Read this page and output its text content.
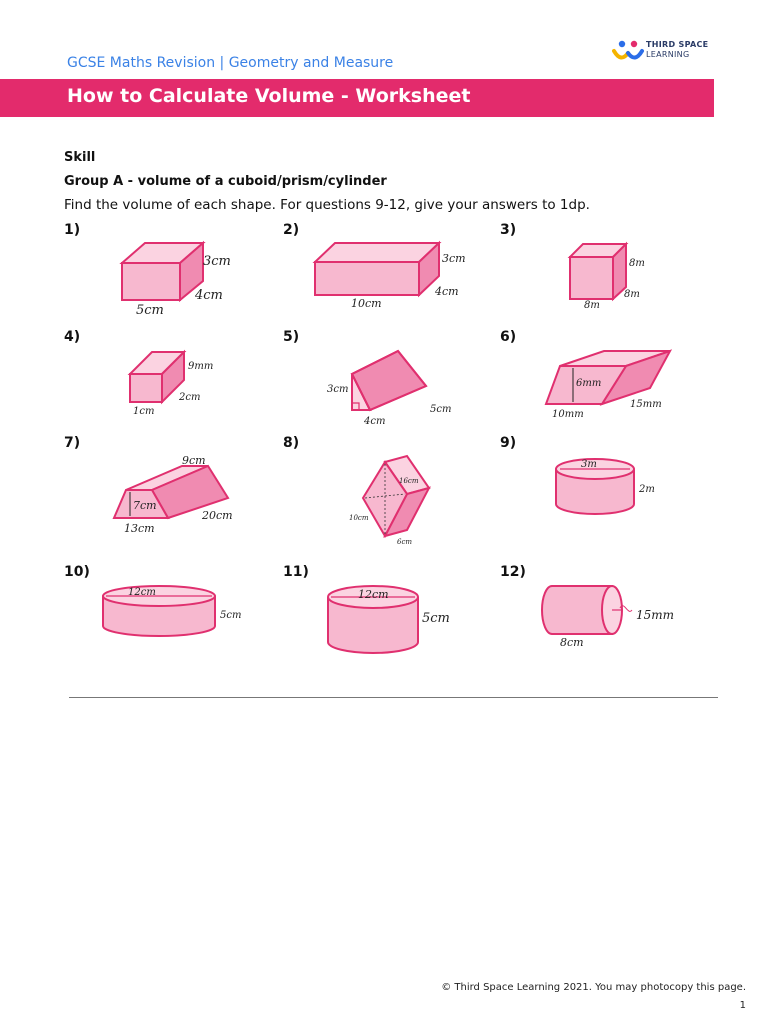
GCSE Maths Revision | Geometry and Measure
THIRD SPACE
LEARNING
How to Calculate Volume - Worksheet
Skill
Group A - volume of a cuboid/prism/cylinder
Find the volume of each shape. For questions 9-12, give your answers to 1dp.
1)	2)	3)
4)	5)	6)
7)	8)	9)
10)	11)	12)
3cm
4cm
5cm
3cm
4cm
10cm
8m
8m
8m
9mm
2cm
1cm
3cm
4cm
5cm
6mm
10mm
15mm
9cm
7cm
13cm
20cm
16cm
10cm
6cm
3m
2m
12cm
5cm
12cm
5cm	15mm
8cm
© Third Space Learning 2021. You may photocopy this page.
1
